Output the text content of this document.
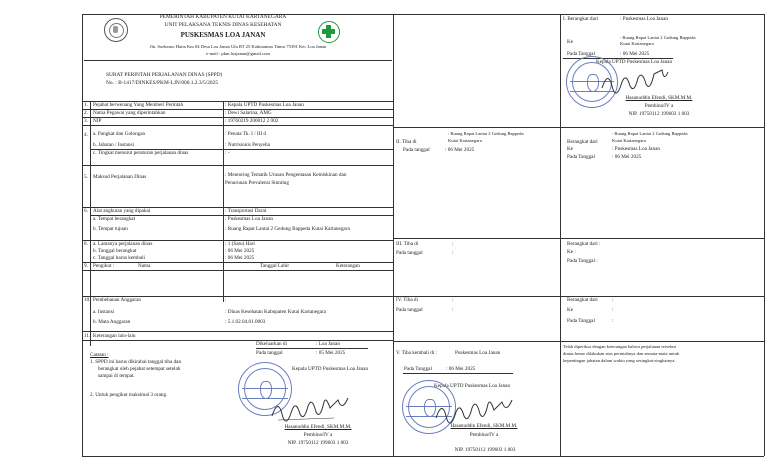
PEMERINTAH KABUPATEN KUTAI KARTANEGARA
UNIT PELAKSANA TEKNIS DINAS KESEHATAN
PUSKESMAS LOA JANAN
Jln. Soekarno Hatta Km 04 Desa Loa Janan Ulu RT 25 Kalimantan Timur 75391 Kec Loa Janan
e-mail : pkm.loajanan@gmail.com
SURAT PERINTAH PERJALANAN DINAS (SPPD)
No. : B-1417/DINKES/PKM-LJN/000.1.2.3/5/2025
1. Pejabat berwenang Yang Memberi Perintah	: Kepala UPTD Puskesmas Loa Janan
2. Nama Pegawai yang diperintahkan	: Dewi Salarina, AMG
3. NIP	: 19760219 200012 2 002
4. a. Pangkat dan Golongan	: Penata Tk. I / III d
b. Jabatan / Instansi	: Nutrisionis Penyelia
c. Tingkat menurut peraturan perjalanan dinas	: -
5. Maksud Perjalanan Dinas	: Mentoring Tematik Urusan Pengentasan Kemiskinan dan
Penurunan Prevalensi Stunting
6. Alat angkutan yang dipakai	: Transportasi Darat
a. Tempat berangkat	: Puskesmas Loa Janan
b. Tempat tujuan	: Ruang Rapat Lantai 2 Gedung Bappeda Kutai Kartanegara
8. a. Lamanya perjalanan dinas	: 1 (Satu) Hari
b. Tanggal berangkat	: 06 Mei 2025
c. Tanggal harus kembali	: 06 Mei 2025
9. Pengikut :	Nama	Tanggal Lahir	Keterangan
10. Pembebanan Anggaran	:
a. Instansi	: Dinas Kesehatan Kabupaten Kutai Kartanegara
b. Mata Anggaran	: 5.1.02.04.01.0003
11. Keterangan lain-lain
Catatan :
1. SPPD ini harus dikirabai tanggal tiba dan
berangkat oleh pejabat setempat setelah
sampai di tempat.
2. Untuk pengikut maksimal 3 orang.
Dikeluarkan di	: Loa Janan
Pada tanggal	: 05 Mei 2025
Kepala UPTD Puskesmas Loa Janan
Hasanuddin Efendi, SKM.M.M.
Pembina/IV a
NIP. 19750112 199603 1 003
I. Berangkat dari	: Puskesmas Loa Janan
Ke
: Ruang Rapat Lantai 2 Gedung Bappeda
Kutai Kartanegara
Pada Tanggal	: 06 Mei 2025
Kepala UPTD Puskesmas Loa Janan
Hasanuddin Efendi, SKM.M.M.
Pembina/IV a
NIP. 19750112 199603 1 003
II. Tiba di
: Ruang Rapat Lantai 2 Gedung Bappeda
Kutai Kartanegara
Pada tanggal	: 06 Mei 2025
Berangkat dari
: Ruang Rapat Lantai 2 Gedung Bappeda
Kutai Kartanegara
Ke	: Puskesmas Loa Janan
Pada Tanggal	: 06 Mei 2025
III. Tiba di	:
Pada tanggal	:
Berangkat dari :
Ke :
Pada Tanggal :
IV. Tiba di	:
Pada tanggal	:
Berangkat dari	:
Ke	:
Pada Tanggal	:
V. Tiba kembali di :	Puskesmas Loa Janan
Pada Tanggal	: 06 Mei 2025
Kepala UPTD Puskesmas Loa Janan
Hasanuddin Efendi, SKM.M.M.
Pembina/IV a
NIP. 19750112 199603 1 003
Telah diperiksa dengan keterangan bahwa perjalanan tersebut
diatas benar dilakukan atas perintahnya dan semata-mata untuk
kepentingan jabatan dalam waktu yang sesingkat-singkatnya.
